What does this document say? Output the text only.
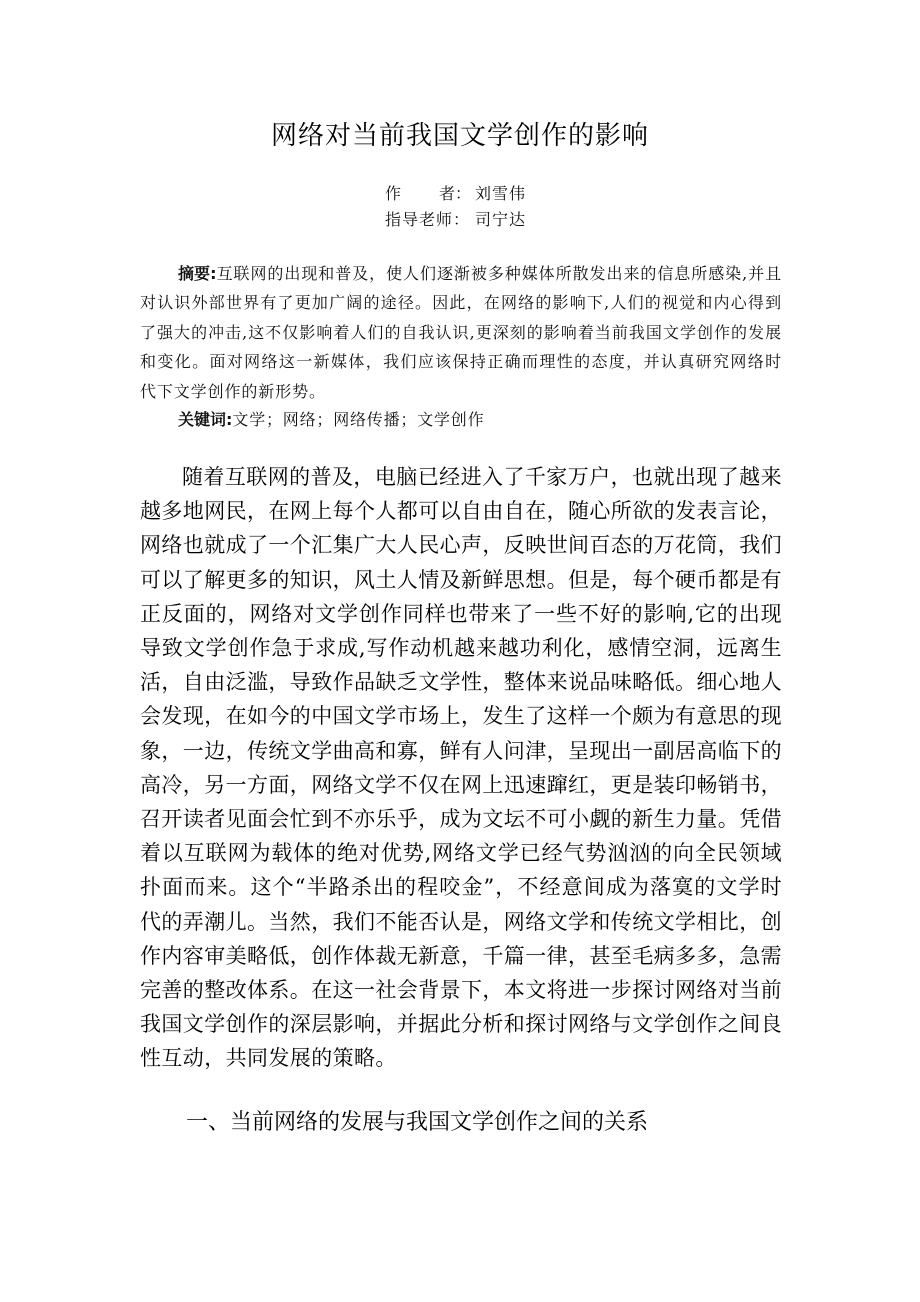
网络对当前我国文学创作的影响
作 者： 刘雪伟
指导老师： 司宁达
摘要:互联网的出现和普及，使人们逐渐被多种媒体所散发出来的信息所感染,并且对认识外部世界有了更加广阔的途径。因此，在网络的影响下,人们的视觉和内心得到了强大的冲击,这不仅影响着人们的自我认识,更深刻的影响着当前我国文学创作的发展和变化。面对网络这一新媒体，我们应该保持正确而理性的态度，并认真研究网络时代下文学创作的新形势。
关键词:文学；网络；网络传播；文学创作
随着互联网的普及，电脑已经进入了千家万户，也就出现了越来越多地网民，在网上每个人都可以自由自在，随心所欲的发表言论，网络也就成了一个汇集广大人民心声，反映世间百态的万花筒，我们可以了解更多的知识，风土人情及新鲜思想。但是，每个硬币都是有正反面的，网络对文学创作同样也带来了一些不好的影响,它的出现导致文学创作急于求成,写作动机越来越功利化，感情空洞，远离生活，自由泛滥，导致作品缺乏文学性，整体来说品味略低。细心地人会发现，在如今的中国文学市场上，发生了这样一个颇为有意思的现象，一边，传统文学曲高和寡，鲜有人问津，呈现出一副居高临下的高冷，另一方面，网络文学不仅在网上迅速蹿红，更是装印畅销书，召开读者见面会忙到不亦乐乎，成为文坛不可小觑的新生力量。凭借着以互联网为载体的绝对优势,网络文学已经气势汹汹的向全民领域扑面而来。这个“半路杀出的程咬金”，不经意间成为落寞的文学时代的弄潮儿。当然，我们不能否认是，网络文学和传统文学相比，创作内容审美略低，创作体裁无新意，千篇一律，甚至毛病多多，急需完善的整改体系。在这一社会背景下，本文将进一步探讨网络对当前我国文学创作的深层影响，并据此分析和探讨网络与文学创作之间良性互动，共同发展的策略。
一、当前网络的发展与我国文学创作之间的关系
